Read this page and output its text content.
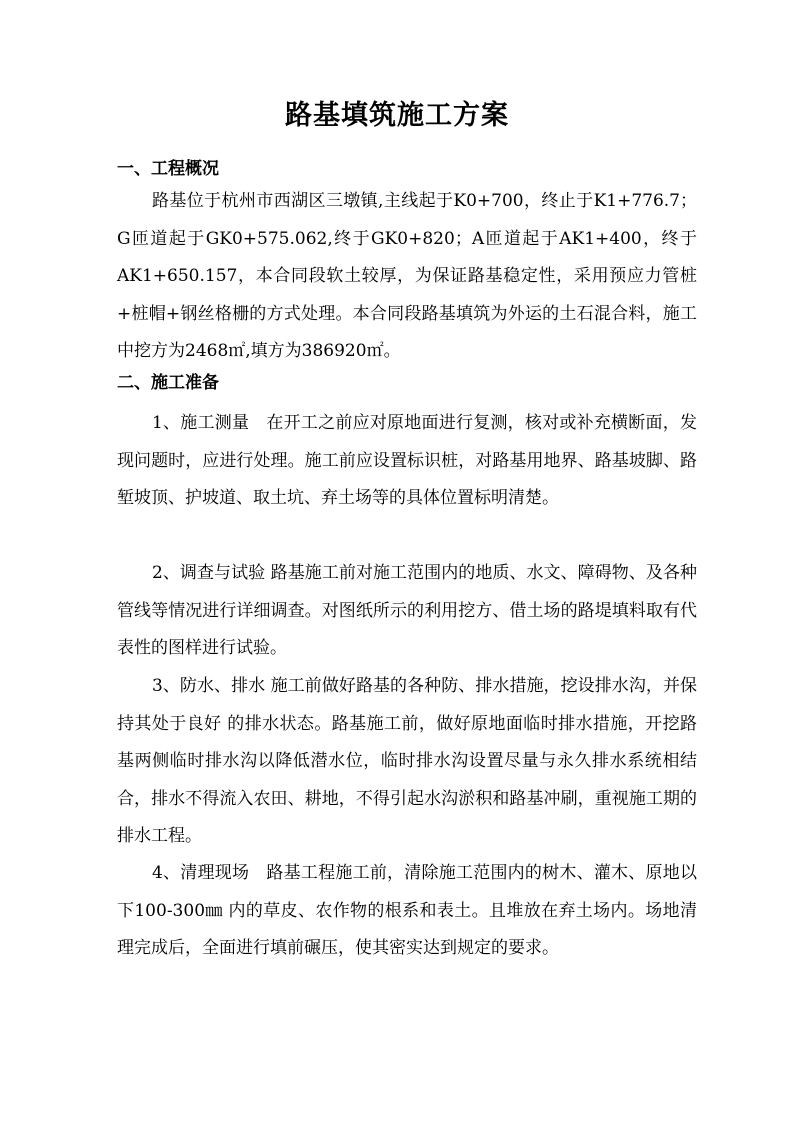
路基填筑施工方案
一、工程概况

路基位于杭州市西湖区三墩镇,主线起于K0+700，终止于K1+776.7；G匝道起于GK0+575.062,终于GK0+820；A匝道起于AK1+400，终于AK1+650.157，本合同段软土较厚，为保证路基稳定性，采用预应力管桩+桩帽+钢丝格栅的方式处理。本合同段路基填筑为外运的土石混合料，施工中挖方为2468㎡,填方为386920㎡。

二、施工准备

1、施工测量　在开工之前应对原地面进行复测，核对或补充横断面，发现问题时，应进行处理。施工前应设置标识桩，对路基用地界、路基坡脚、路堑坡顶、护坡道、取土坑、弃土场等的具体位置标明清楚。

2、调查与试验 路基施工前对施工范围内的地质、水文、障碍物、及各种管线等情况进行详细调查。对图纸所示的利用挖方、借土场的路堤填料取有代表性的图样进行试验。

3、防水、排水 施工前做好路基的各种防、排水措施，挖设排水沟，并保持其处于良好 的排水状态。路基施工前，做好原地面临时排水措施，开挖路基两侧临时排水沟以降低潜水位，临时排水沟设置尽量与永久排水系统相结合，排水不得流入农田、耕地，不得引起水沟淤积和路基冲刷，重视施工期的排水工程。

4、清理现场　路基工程施工前，清除施工范围内的树木、灌木、原地以下100-300㎜ 内的草皮、农作物的根系和表土。且堆放在弃土场内。场地清理完成后，全面进行填前碾压，使其密实达到规定的要求。
